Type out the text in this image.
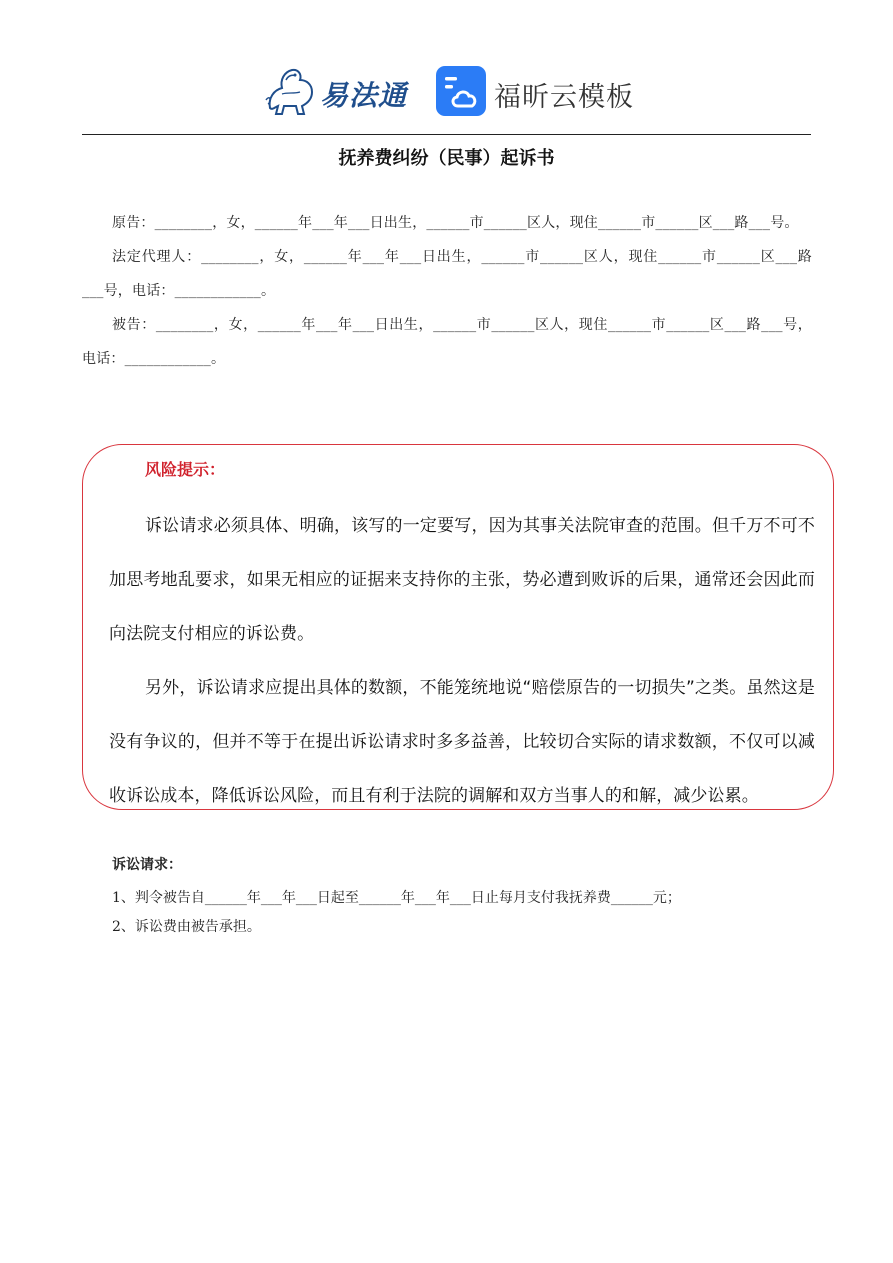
易法通	福昕云模板
抚养费纠纷（民事）起诉书

原告：________，女，______年___年___日出生，______市______区人，现住______市______区___路___号。

法定代理人：________，女，______年___年___日出生，______市______区人，现住______市______区___路___号，电话：____________。

被告：________，女，______年___年___日出生，______市______区人，现住______市______区___路___号，电话：____________。

风险提示：

诉讼请求必须具体、明确，该写的一定要写，因为其事关法院审查的范围。但千万不可不加思考地乱要求，如果无相应的证据来支持你的主张，势必遭到败诉的后果，通常还会因此而向法院支付相应的诉讼费。

另外，诉讼请求应提出具体的数额，不能笼统地说“赔偿原告的一切损失”之类。虽然这是没有争议的，但并不等于在提出诉讼请求时多多益善，比较切合实际的请求数额，不仅可以减收诉讼成本，降低诉讼风险，而且有利于法院的调解和双方当事人的和解，减少讼累。

诉讼请求：
1、判令被告自______年___年___日起至______年___年___日止每月支付我抚养费______元；
2、诉讼费由被告承担。
